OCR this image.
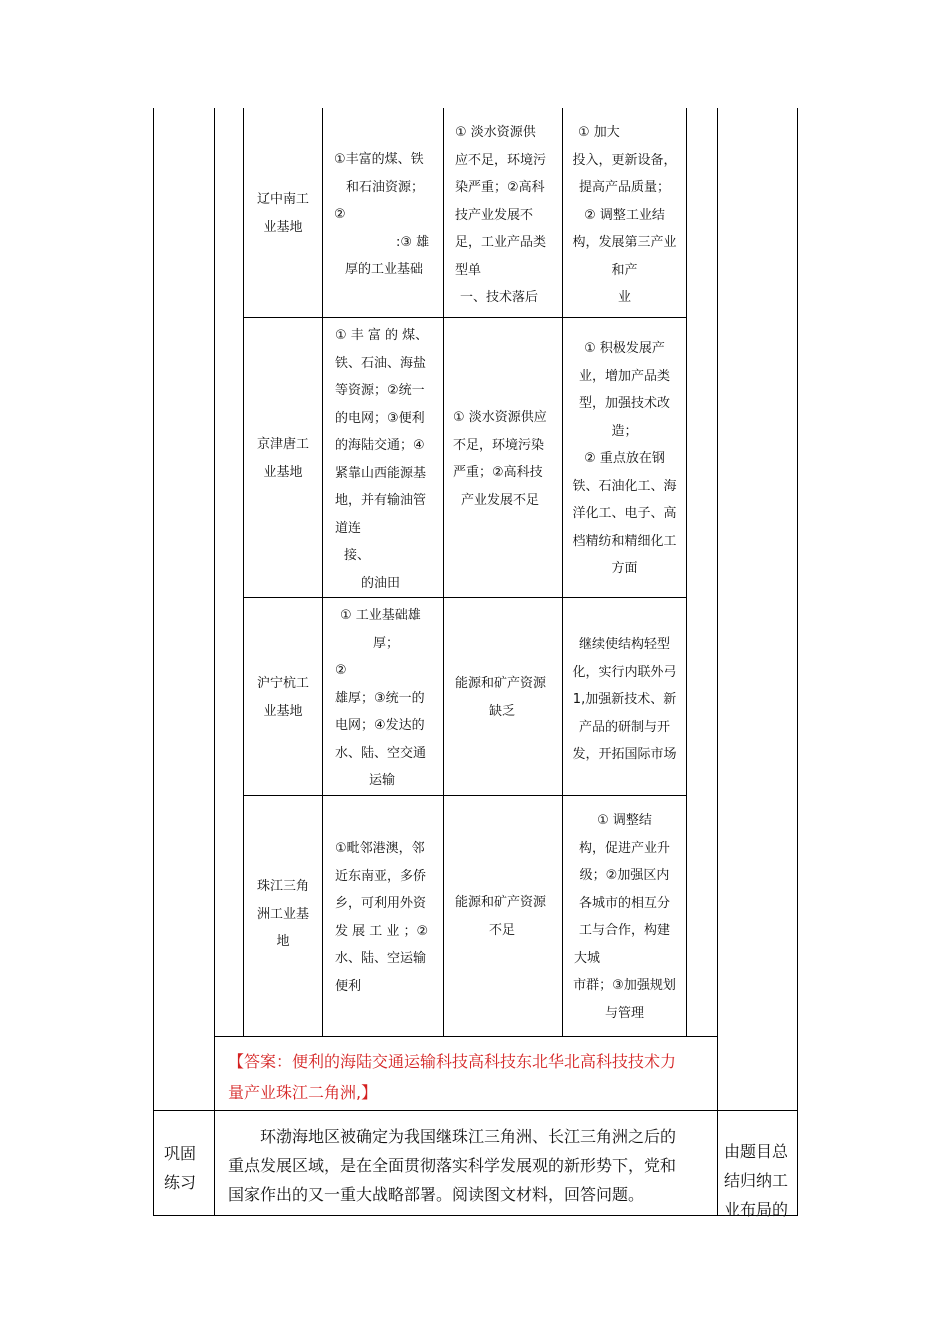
辽中南工
业基地
①丰富的煤、铁
和石油资源；
②
:③ 雄
厚的工业基础
① 淡水资源供
应不足，环境污
染严重；②高科
技产业发展不
足，工业产品类
型单
一、技术落后
① 加大
投入，更新设备，
提高产品质量；
② 调整工业结
构，发展第三产业
和产
业
京津唐工
业基地
① 丰 富 的 煤、
铁、石油、海盐
等资源；②统一
的电网；③便利
的海陆交通；④
紧靠山西能源基
地，并有输油管
道连
接、
的油田
① 淡水资源供应
不足，环境污染
严重；②高科技
产业发展不足
① 积极发展产
业，增加产品类
型，加强技术改
造；
② 重点放在钢
铁、石油化工、海
洋化工、电子、高
档精纺和精细化工
方面
沪宁杭工
业基地
① 工业基础雄
厚；
②
雄厚；③统一的
电网；④发达的
水、陆、空交通
运输
能源和矿产资源
缺乏
继续使结构轻型
化，实行内联外弓
1,加强新技术、新
产品的研制与开
发，开拓国际市场
珠江三角
洲工业基
地
①毗邻港澳，邻
近东南亚，多侨
乡，可利用外资
发 展 工 业 ；②
水、陆、空运输
便利
能源和矿产资源
不足
① 调整结
构，促进产业升
级；②加强区内
各城市的相互分
工与合作，构建
大城
市群；③加强规划
与管理
【答案：便利的海陆交通运输科技高科技东北华北高科技技术力
量产业珠江二角洲,】
巩固
练习
环渤海地区被确定为我国继珠江三角洲、长江三角洲之后的
重点发展区域，是在全面贯彻落实科学发展观的新形势下，党和
国家作出的又一重大战略部署。阅读图文材料，回答问题。
由题目总
结归纳工
业布局的
